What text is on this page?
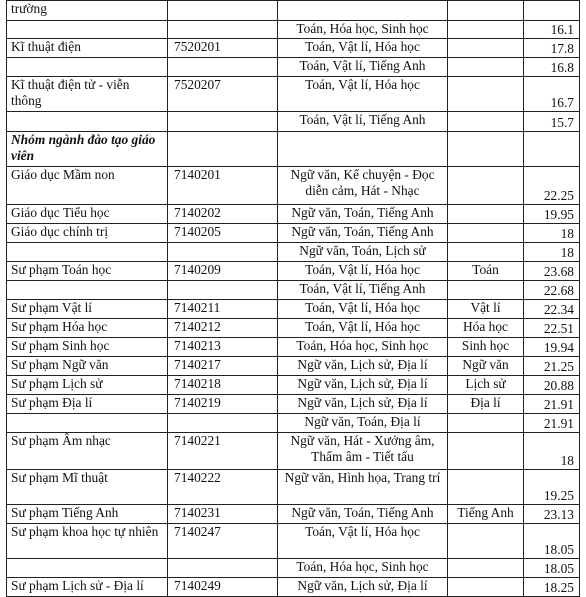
trường				
		Toán, Hóa học, Sinh học		16.1
Kĩ thuật điện	7520201	Toán, Vật lí, Hóa học		17.8
		Toán, Vật lí, Tiếng Anh		16.8
Kĩ thuật điện tử - viễn thông	7520207	Toán, Vật lí, Hóa học		16.7
		Toán, Vật lí, Tiếng Anh		15.7
Nhóm ngành đào tạo giáo viên				
Giáo dục Mầm non	7140201	Ngữ văn, Kể chuyện - Đọc diễn cảm, Hát - Nhạc		22.25
Giáo dục Tiểu học	7140202	Ngữ văn, Toán, Tiếng Anh		19.95
Giáo dục chính trị	7140205	Ngữ văn, Toán, Tiếng Anh		18
		Ngữ văn, Toán, Lịch sử		18
Sư phạm Toán học	7140209	Toán, Vật lí, Hóa học	Toán	23.68
		Toán, Vật lí, Tiếng Anh		22.68
Sư phạm Vật lí	7140211	Toán, Vật lí, Hóa học	Vật lí	22.34
Sư phạm Hóa học	7140212	Toán, Vật lí, Hóa học	Hóa học	22.51
Sư phạm Sinh học	7140213	Toán, Hóa học, Sinh học	Sinh học	19.94
Sư phạm Ngữ văn	7140217	Ngữ văn, Lịch sử, Địa lí	Ngữ văn	21.25
Sư phạm Lịch sử	7140218	Ngữ văn, Lịch sử, Địa lí	Lịch sử	20.88
Sư phạm Địa lí	7140219	Ngữ văn, Lịch sử, Địa lí	Địa lí	21.91
		Ngữ văn, Toán, Địa lí		21.91
Sư phạm Âm nhạc	7140221	Ngữ văn, Hát - Xướng âm, Thẩm âm - Tiết tấu		18
Sư phạm Mĩ thuật	7140222	Ngữ văn, Hình họa, Trang trí		19.25
Sư phạm Tiếng Anh	7140231	Ngữ văn, Toán, Tiếng Anh	Tiếng Anh	23.13
Sư phạm khoa học tự nhiên	7140247	Toán, Vật lí, Hóa học		18.05
		Toán, Hóa học, Sinh học		18.05
Sư phạm Lịch sử - Địa lí	7140249	Ngữ văn, Lịch sử, Địa lí		18.25
